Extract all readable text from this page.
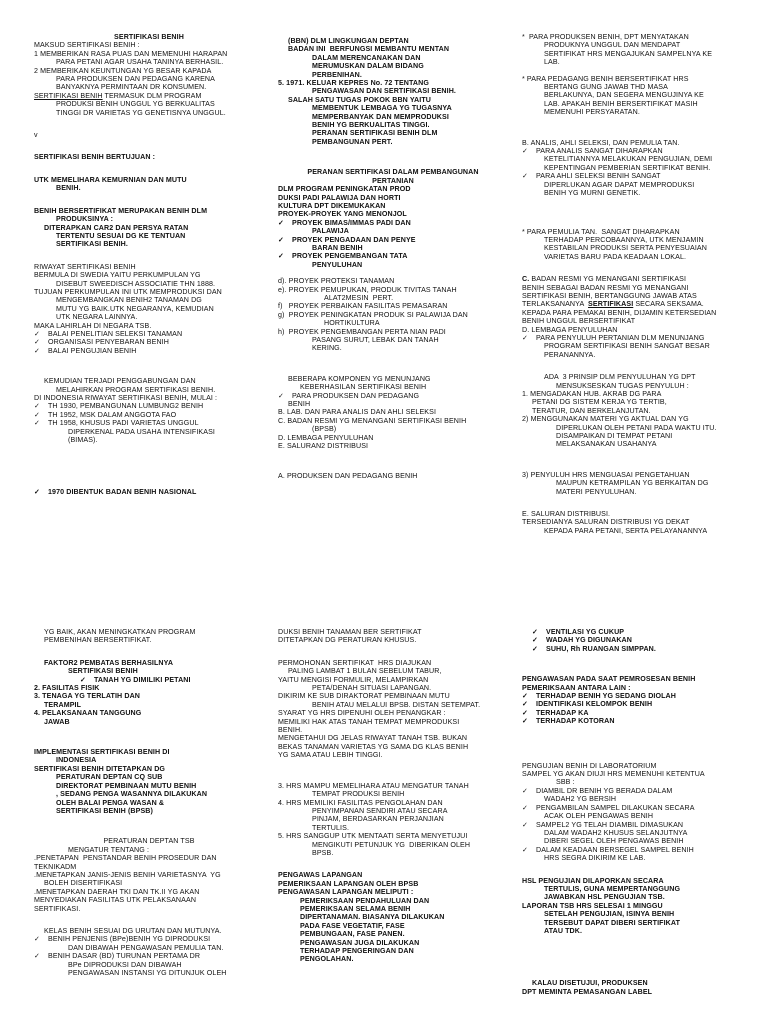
SERTIFIKASI BENIH

MAKSUD SERTIFIKASI BENIH :

1 MEMBERIKAN RASA PUAS DAN MEMENUHI HARAPAN

PARA PETANI AGAR USAHA TANINYA BERHASIL.

2 MEMBERIKAN KEUNTUNGAN YG BESAR KAPADA

PARA PRODUKSEN DAN PEDAGANG KARENA

BANYAKNYA PERMINTAAN DR KONSUMEN.

SERTIFIKASI BENIH TERMASUK DLM PROGRAM

PRODUKSI BENIH UNGGUL YG BERKUALITAS

TINGGI DR VARIETAS YG GENETISNYA UNGGUL.

v

SERTIFIKASI BENIH BERTUJUAN :

UTK MEMELIHARA KEMURNIAN DAN MUTU

BENIH.

BENIH BERSERTIFIKAT MERUPAKAN BENIH DLM

PRODUKSINYA :

DITERAPKAN CAR2 DAN PERSYA RATAN

TERTENTU SESUAI DG KE TENTUAN

SERTIFIKASI BENIH.

RIWAYAT SERTIFIKASI BENIH

BERMULA DI SWEDIA YAITU PERKUMPULAN YG

DISEBUT SWEEDISCH ASSOCIATIE THN 1888.

TUJUAN PERKUMPULAN INI UTK MEMPRODUKSI DAN

MENGEMBANGKAN BENIH2 TANAMAN DG

MUTU YG BAIK.UTK NEGARANYA, KEMUDIAN

UTK NEGARA LAINNYA.

MAKA LAHIRLAH DI NEGARA TSB.

✓ BALAI PENELITIAN SELEKSI TANAMAN

✓ ORGANISASI PENYEBARAN BENIH

✓ BALAI PENGUJIAN BENIH

KEMUDIAN TERJADI PENGGABUNGAN DAN

MELAHIRKAN PROGRAM SERTIFIKASI BENIH.

DI INDONESIA RIWAYAT SERTIFIKASI BENIH, MULAI :

✓ TH 1930, PEMBANGUNAN LUMBUNG2 BENIH

✓ TH 1952, MSK DALAM ANGGOTA FAO

✓ TH 1958, KHUSUS PADI VARIETAS UNGGUL

DIPERKENAL PADA USAHA INTENSIFIKASI

(BIMAS).

✓ 1970 DIBENTUK BADAN BENIH NASIONAL

(BBN) DLM LINGKUNGAN DEPTAN

BADAN INI  BERFUNGSI MEMBANTU MENTAN

DALAM MERENCANAKAN DAN

MERUMUSKAN DALAM BIDANG

PERBENIHAN.

5. 1971. KELUAR KEPRES No. 72 TENTANG

PENGAWASAN DAN SERTIFIKASI BENIH.

SALAH SATU TUGAS POKOK BBN YAITU

MEMBENTUK LEMBAGA YG TUGASNYA

MEMPERBANYAK DAN MEMPRODUKSI

BENIH YG BERKUALITAS TINGGI.

PERANAN SERTIFIKASI BENIH DLM

PEMBANGUNAN PERT.

PERANAN SERTIFIKASI DALAM PEMBANGUNAN

PERTANIAN

DLM PROGRAM PENINGKATAN PROD

DUKSI PADI PALAWIJA DAN HORTI

KULTURA DPT DIKEMUKAKAN

PROYEK-PROYEK YANG MENONJOL

✓ PROYEK BIMAS/IMMAS PADI DAN

PALAWIJA

✓ PROYEK PENGADAAN DAN PENYE

BARAN BENIH

✓ PROYEK PENGEMBANGAN TATA

PENYULUHAN

d). PROYEK PROTEKSI TANAMAN

e). PROYEK PEMUPUKAN, PRODUK TIVITAS TANAH

ALAT2MESIN  PERT.

f)   PROYEK PERBAIKAN FASILITAS PEMASARAN

g)  PROYEK PENINGKATAN PRODUK SI PALAWIJA DAN

HORTIKULTURA

h)  PROYEK PENGEMBANGAN PERTA NIAN PADI

PASANG SURUT, LEBAK DAN TANAH

KERING.

BEBERAPA KOMPONEN YG MENUNJANG

KEBERHASILAN SERTIFIKASI BENIH

✓ PARA PRODUKSEN DAN PEDAGANG

BENIH

B. LAB. DAN PARA ANALIS DAN AHLI SELEKSI

C. BADAN RESMI YG MENANGANI SERTIFIKASI BENIH

(BPSB)

D. LEMBAGA PENYULUHAN

E. SALURAN2 DISTRIBUSI

A. PRODUKSEN DAN PEDAGANG BENIH

*  PARA PRODUKSEN BENIH, DPT MENYATAKAN

PRODUKNYA UNGGUL DAN MENDAPAT

SERTIFIKAT HRS MENGAJUKAN SAMPELNYA KE

LAB.

* PARA PEDAGANG BENIH BERSERTIFIKAT HRS

BERTANG GUNG JAWAB THD MASA

BERLAKUNYA, DAN SEGERA MENGUJINYA KE

LAB. APAKAH BENIH BERSERTIFIKAT MASIH

MEMENUHI PERSYARATAN.

B. ANALIS, AHLI SELEKSI, DAN PEMULIA TAN.

✓ PARA ANALIS SANGAT DIHARAPKAN

KETELITIANNYA MELAKUKAN PENGUJIAN, DEMI

KEPENTINGAN PEMBERIAN SERTIFIKAT BENIH.

✓ PARA AHLI SELEKSI BENIH SANGAT

DIPERLUKAN AGAR DAPAT MEMPRODUKSI

BENIH YG MURNI GENETIK.

* PARA PEMULIA TAN.  SANGAT DIHARAPKAN

TERHADAP PERCOBAANNYA, UTK MENJAMIN

KESTABILAN PRODUKSI SERTA PENYESUAIAN

VARIETAS BARU PADA KEADAAN LOKAL.

C. BADAN RESMI YG MENANGANI SERTIFIKASI

BENIH SEBAGAI BADAN RESMI YG MENANGANI

SERTIFIKASI BENIH, BERTANGGUNG JAWAB ATAS

TERLAKSANANYA  SERTIFIKASI SECARA SEKSAMA.

KEPADA PARA PEMAKAI BENIH, DIJAMIN KETERSEDIAN

BENIH UNGGUL BERSERTIFIKAT

D. LEMBAGA PENYULUHAN

✓ PARA PENYULUH PERTANIAN DLM MENUNJANG

PROGRAM SERTIFIKASI BENIH SANGAT BESAR

PERANANNYA.

ADA  3 PRINSIP DLM PENYULUHAN YG DPT

MENSUKSESKAN TUGAS PENYULUH :

1. MENGADAKAN HUB. AKRAB DG PARA

PETANI DG SISTEM KERJA YG TERTIB,

TERATUR, DAN BERKELANJUTAN.

2) MENGGUNAKAN MATERI YG AKTUAL DAN YG

DIPERLUKAN OLEH PETANI PADA WAKTU ITU.

DISAMPAIKAN DI TEMPAT PETANI

MELAKSANAKAN USAHANYA

3) PENYULUH HRS MENGUASAI PENGETAHUAN

MAUPUN KETRAMPILAN YG BERKAITAN DG

MATERI PENYULUHAN.

E. SALURAN DISTRIBUSI.

TERSEDIANYA SALURAN DISTRIBUSI YG DEKAT

KEPADA PARA PETANI, SERTA PELAYANANNYA

YG BAIK, AKAN MENINGKATKAN PROGRAM

PEMBENIHAN BERSERTIFIKAT.

FAKTOR2 PEMBATAS BERHASILNYA

SERTIFIKASI BENIH

✓ TANAH YG DIMILIKI PETANI

2. FASILITAS FISIK

3. TENAGA YG TERLATIH DAN

TERAMPIL

4. PELAKSANAAN TANGGUNG

JAWAB

IMPLEMENTASI SERTIFIKASI BENIH DI

INDONESIA

SERTIFIKASI BENIH DITETAPKAN DG

PERATURAN DEPTAN CQ SUB

DIREKTORAT PEMBINAAN MUTU BENIH

, SEDANG PENGA WASANNYA DILAKUKAN

OLEH BALAI PENGA WASAN &

SERTIFIKASI BENIH (BPSB)

PERATURAN DEPTAN TSB

MENGATUR TENTANG :

.PENETAPAN  PENSTANDAR BENIH PROSEDUR DAN

TEKNIKADM

.MENETAPKAN JANIS-JENIS BENIH VARIETASNYA  YG

BOLEH DISERTIFIKASI

.MENETAPKAN DAERAH TKI DAN TK.II YG AKAN

MENYEDIAKAN FASILITAS UTK PELAKSANAAN

SERTIFIKASI.

KELAS BENIH SESUAI DG URUTAN DAN MUTUNYA.

✓ BENIH PENJENIS (BPe)BENIH YG DIPRODUKSI

DAN DIBAWAH PENGAWASAN PEMULIA TAN.

✓ BENIH DASAR (BD) TURUNAN PERTAMA DR

BPe DIPRODUKSI DAN DIBAWAH

PENGAWASAN INSTANSI YG DITUNJUK OLEH

DUKSI BENIH TANAMAN BER SERTIFIKAT

DITETAPKAN DG PERATURAN KHUSUS.

PERMOHONAN SERTIFIKAT  HRS DIAJUKAN

PALING LAMBAT 1 BULAN SEBELUM TABUR,

YAITU MENGISI FORMULIR, MELAMPIRKAN

PETA/DENAH SITUASI LAPANGAN.

DIKIRIM KE SUB DIRAKTORAT PEMBINAAN MUTU

BENIH ATAU MELALUI BPSB. DISTAN SETEMPAT.

SYARAT YG HRS DIPENUHI OLEH PENANGKAR :

MEMILIKI HAK ATAS TANAH TEMPAT MEMPRODUKSI

BENIH.

MENGETAHUI DG JELAS RIWAYAT TANAH TSB. BUKAN

BEKAS TANAMAN VARIETAS YG SAMA DG KLAS BENIH

YG SAMA ATAU LEBIH TINGGI.

3. HRS MAMPU MEMELIHARA ATAU MENGATUR TANAH

TEMPAT PRODUKSI BENIH

4. HRS MEMILIKI FASILITAS PENGOLAHAN DAN

PENYIMPANAN SENDIRI ATAU SECARA

PINJAM, BERDASARKAN PERJANJIAN

TERTULIS.

5. HRS SANGGUP UTK MENTAATI SERTA MENYETUJUI

MENGIKUTI PETUNJUK YG  DIBERIKAN OLEH

BPSB.

PENGAWAS LAPANGAN

PEMERIKSAAN LAPANGAN OLEH BPSB

PENGAWASAN LAPANGAN MELIPUTI :

PEMERIKSAAN PENDAHULUAN DAN

PEMERIKSAAN SELAMA BENIH

DIPERTANAMAN. BIASANYA DILAKUKAN

PADA FASE VEGETATIF, FASE

PEMBUNGAAN, FASE PANEN.

PENGAWASAN JUGA DILAKUKAN

TERHADAP PENGERINGAN DAN

PENGOLAHAN.

✓ VENTILASI YG CUKUP

✓ WADAH YG DIGUNAKAN

✓ SUHU, Rh RUANGAN SIMPPAN.

PENGAWASAN PADA SAAT PEMROSESAN BENIH

PEMERIKSAAN ANTARA LAIN :

✓ TERHADAP BENIH YG SEDANG DIOLAH

✓ IDENTIFIKASI KELOMPOK BENIH

✓ TERHADAP KA

✓ TERHADAP KOTORAN

PENGUJIAN BENIH DI LABORATORIUM

SAMPEL YG AKAN DIUJI HRS MEMENUHI KETENTUA

SBB :

✓ DIAMBIL DR BENIH YG BERADA DALAM

WADAH2 YG BERSIH

✓ PENGAMBILAN SAMPEL DILAKUKAN SECARA

ACAK OLEH PENGAWAS BENIH

✓ SAMPEL2 YG TELAH DIAMBIL DIMASUKAN

DALAM WADAH2 KHUSUS SELANJUTNYA

DIBERI SEGEL OLEH PENGAWAS BENIH

✓ DALAM KEADAAN BERSEGEL SAMPEL BENIH

HRS SEGRA DIKIRIM KE LAB.

HSL PENGUJIAN DILAPORKAN SECARA

TERTULIS, GUNA MEMPERTANGGUNG

JAWABKAN HSL PENGUJIAN TSB.

LAPORAN TSB HRS SELESAI 1 MINGGU

SETELAH PENGUJIAN, ISINYA BENIH

TERSEBUT DAPAT DIBERI SERTIFIKAT

ATAU TDK.

KALAU DISETUJUI, PRODUKSEN

DPT MEMINTA PEMASANGAN LABEL
